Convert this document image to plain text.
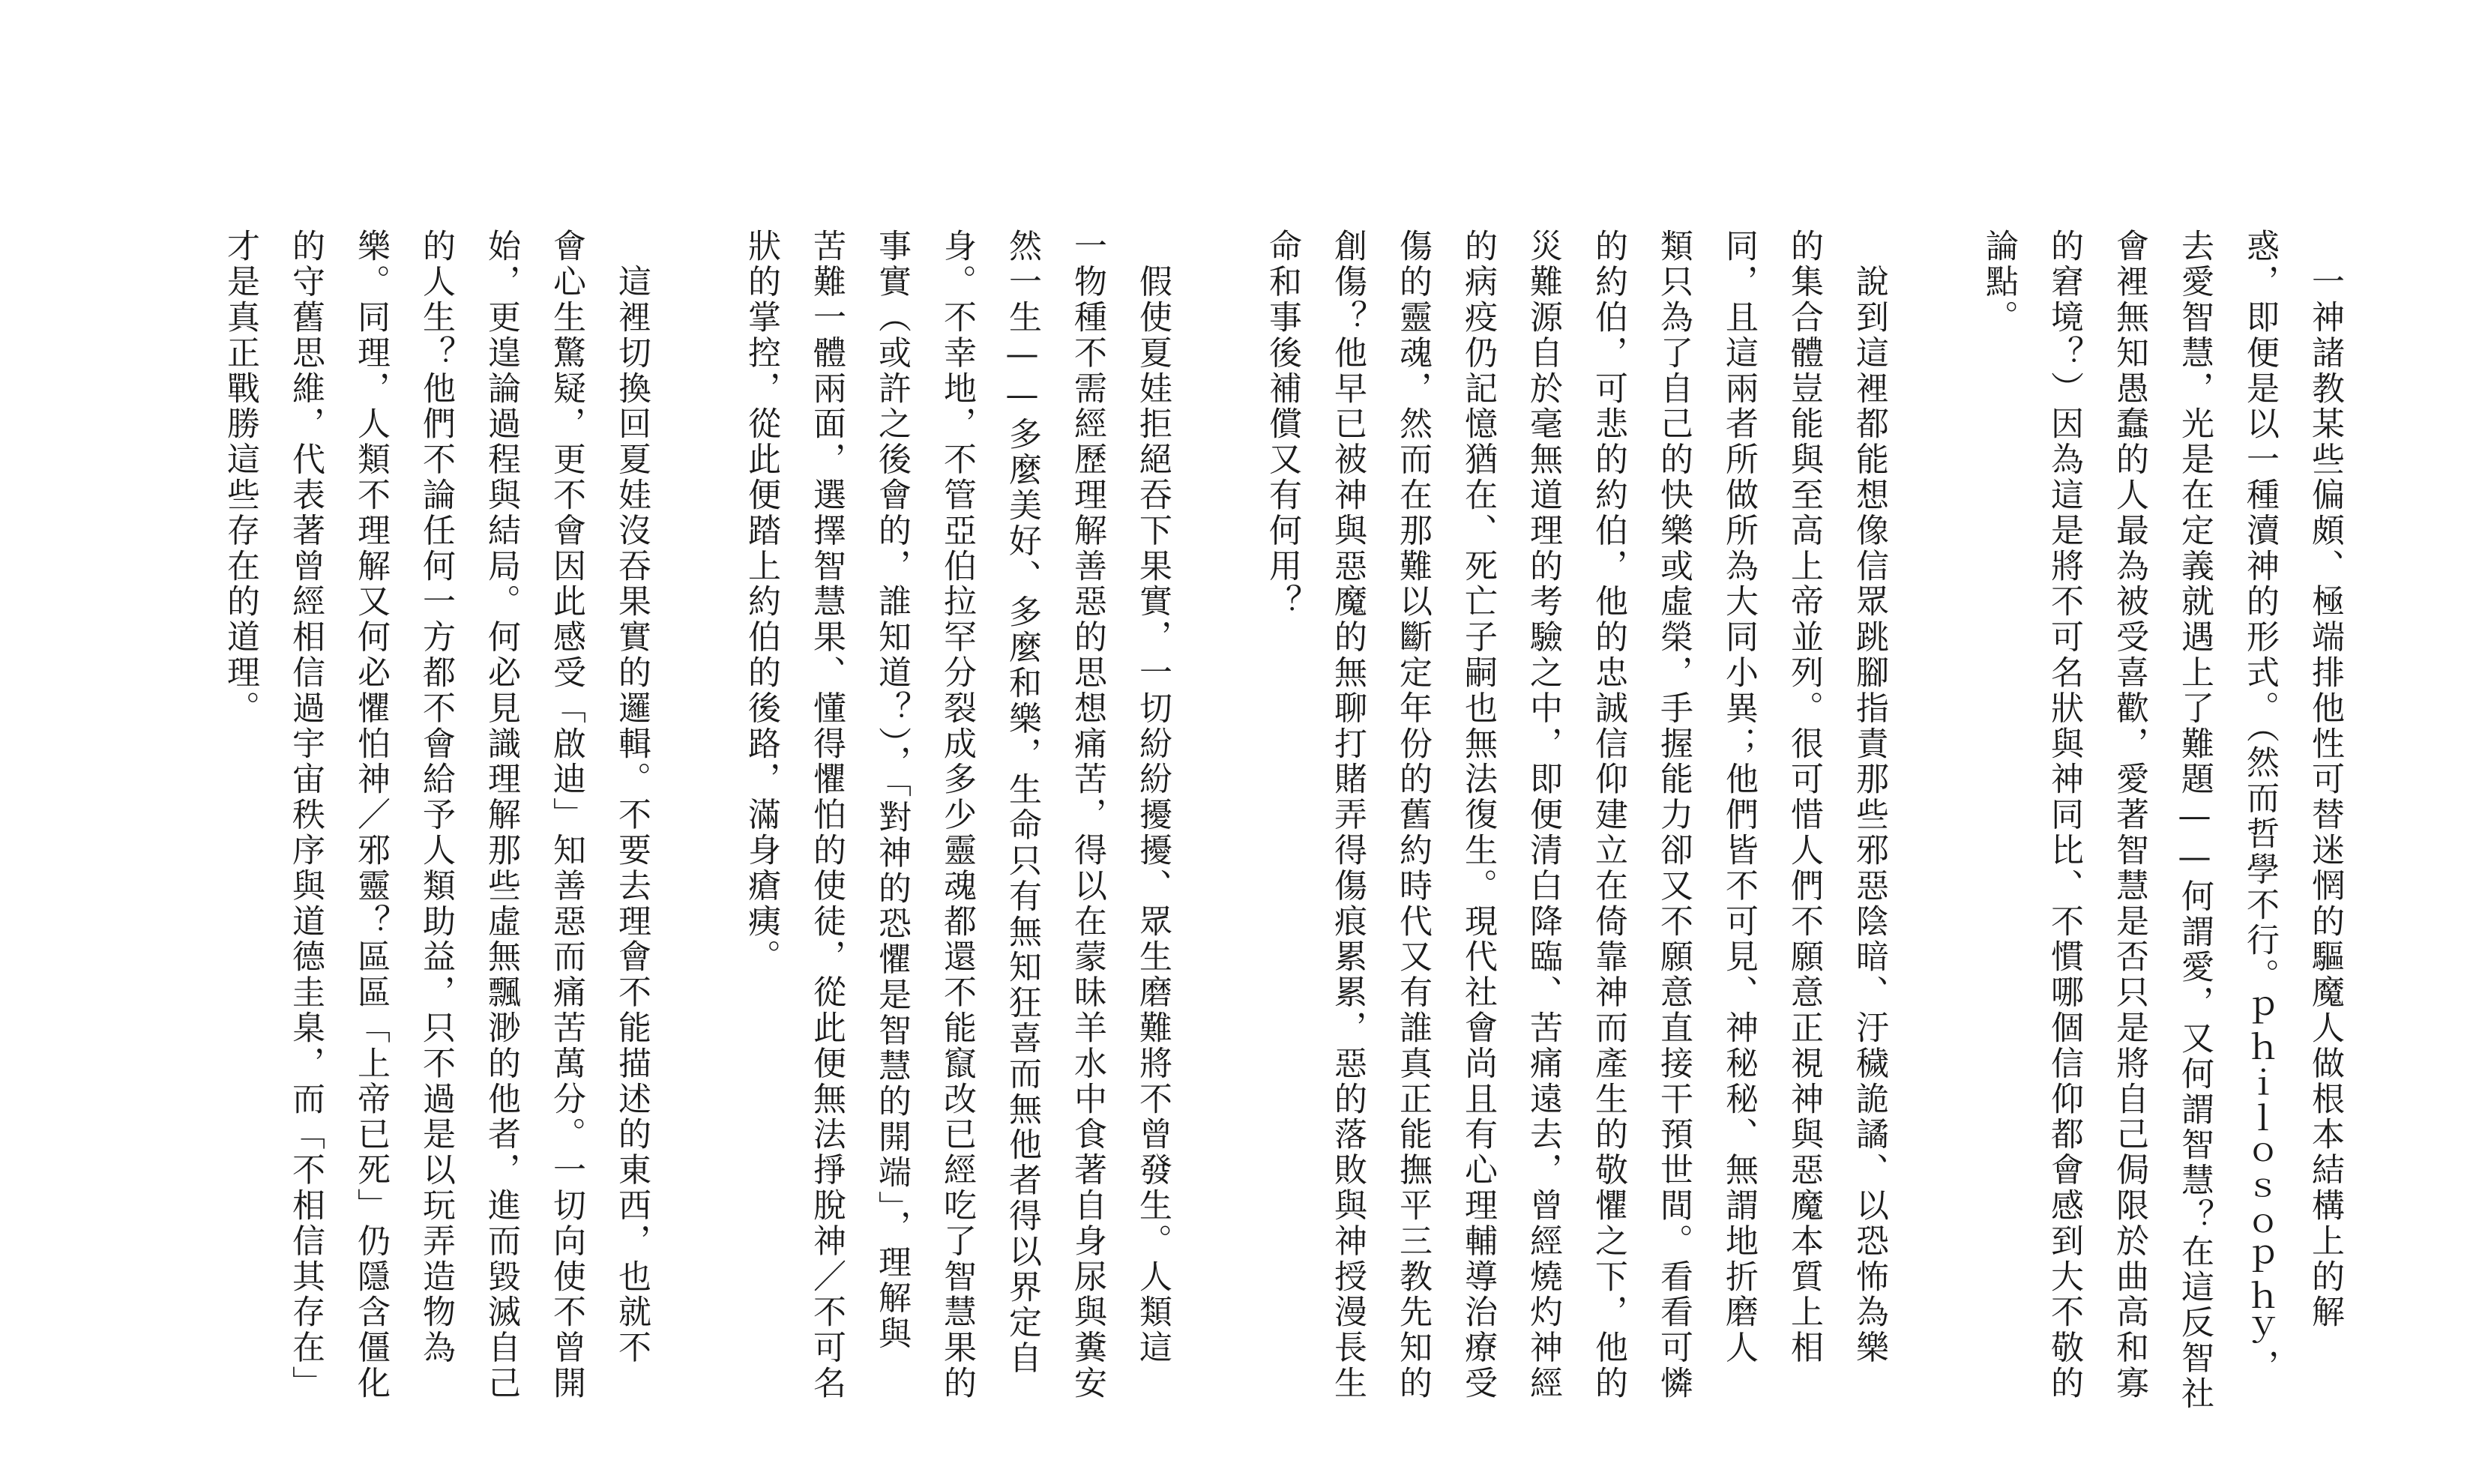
　一神諸教某些偏頗、極端排他性可替迷惘的驅魔人做根本結構上的解
惑，即便是以一種瀆神的形式。（然而哲學不行。ｐｈｉｌｏｓｏｐｈｙ，
去愛智慧，光是在定義就遇上了難題——何謂愛，又何謂智慧？在這反智社
會裡無知愚蠢的人最為被受喜歡，愛著智慧是否只是將自己侷限於曲高和寡
的窘境？）因為這是將不可名狀與神同比、不慣哪個信仰都會感到大不敬的
論點。
　說到這裡都能想像信眾跳腳指責那些邪惡陰暗、汙穢詭譎、以恐怖為樂
的集合體豈能與至高上帝並列。很可惜人們不願意正視神與惡魔本質上相
同，且這兩者所做所為大同小異；他們皆不可見、神秘秘、無謂地折磨人
類只為了自己的快樂或虛榮，手握能力卻又不願意直接干預世間。看看可憐
的約伯，可悲的約伯，他的忠誠信仰建立在倚靠神而產生的敬懼之下，他的
災難源自於毫無道理的考驗之中，即便清白降臨、苦痛遠去，曾經燒灼神經
的病疫仍記憶猶在、死亡子嗣也無法復生。現代社會尚且有心理輔導治療受
傷的靈魂，然而在那難以斷定年份的舊約時代又有誰真正能撫平三教先知的
創傷？他早已被神與惡魔的無聊打賭弄得傷痕累累，惡的落敗與神授漫長生
命和事後補償又有何用？
　假使夏娃拒絕吞下果實，一切紛紛擾擾、眾生磨難將不曾發生。人類這
一物種不需經歷理解善惡的思想痛苦，得以在蒙昧羊水中食著自身尿與糞安
然一生——多麼美好、多麼和樂，生命只有無知狂喜而無他者得以界定自
身。不幸地，不管亞伯拉罕分裂成多少靈魂都還不能竄改已經吃了智慧果的
事實（或許之後會的，誰知道？），「對神的恐懼是智慧的開端」，理解與
苦難一體兩面，選擇智慧果、懂得懼怕的使徒，從此便無法掙脫神／不可名
狀的掌控，從此便踏上約伯的後路，滿身瘡痍。
　這裡切換回夏娃沒吞果實的邏輯。不要去理會不能描述的東西，也就不
會心生驚疑，更不會因此感受「啟迪」知善惡而痛苦萬分。一切向使不曾開
始，更遑論過程與結局。何必見識理解那些虛無飄渺的他者，進而毀滅自己
的人生？他們不論任何一方都不會給予人類助益，只不過是以玩弄造物為
樂。同理，人類不理解又何必懼怕神／邪靈？區區「上帝已死」仍隱含僵化
的守舊思維，代表著曾經相信過宇宙秩序與道德圭臬，而「不相信其存在」
才是真正戰勝這些存在的道理。
